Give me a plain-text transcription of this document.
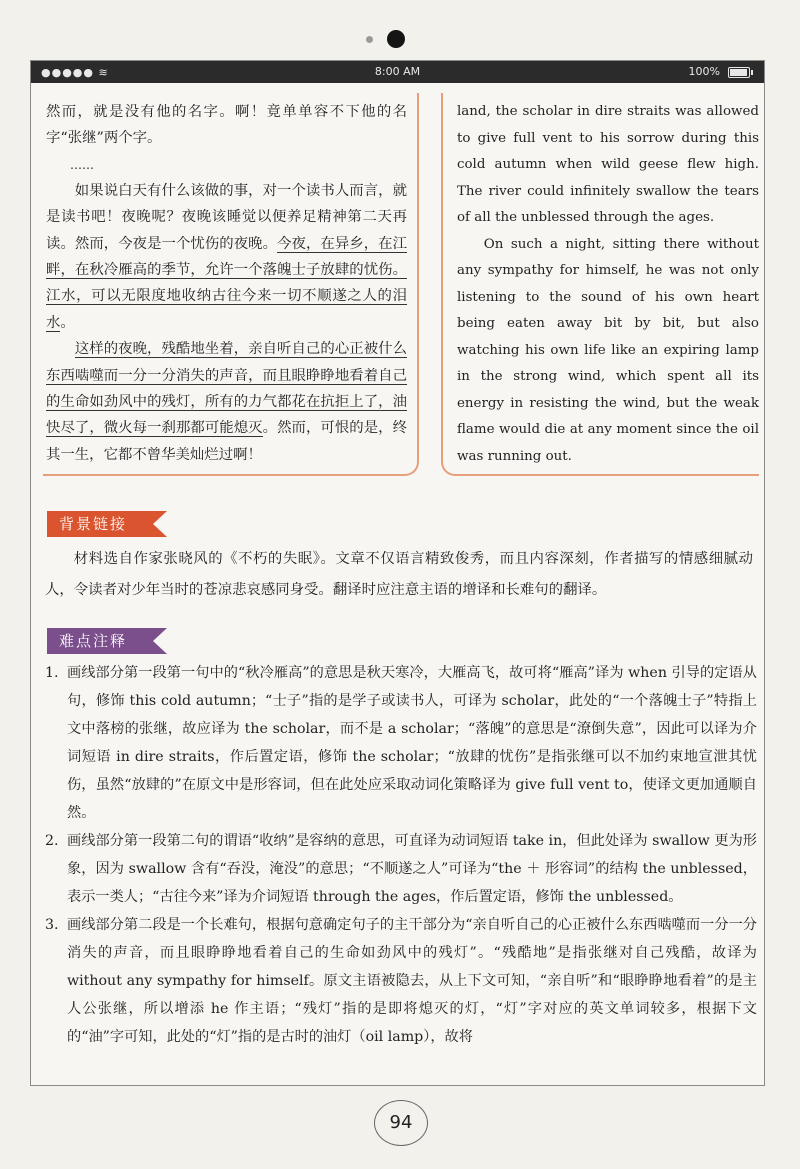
●●●●● ≋	8:00 AM	100%

然而，就是没有他的名字。啊！竟单单容不下他的名字“张继”两个字。

……

如果说白天有什么该做的事，对一个读书人而言，就是读书吧！夜晚呢？夜晚该睡觉以便养足精神第二天再读。然而，今夜是一个忧伤的夜晚。今夜，在异乡，在江畔，在秋冷雁高的季节，允许一个落魄士子放肆的忧伤。江水，可以无限度地收纳古往今来一切不顺遂之人的泪水。

这样的夜晚，残酷地坐着，亲自听自己的心正被什么东西啮噬而一分一分消失的声音，而且眼睁睁地看着自己的生命如劲风中的残灯，所有的力气都花在抗拒上了，油快尽了，微火每一刹那都可能熄灭。然而，可恨的是，终其一生，它都不曾华美灿烂过啊！

land, the scholar in dire straits was allowed to give full vent to his sorrow during this cold autumn when wild geese flew high. The river could infinitely swallow the tears of all the unblessed through the ages.

On such a night, sitting there without any sympathy for himself, he was not only listening to the sound of his own heart being eaten away bit by bit, but also watching his own life like an expiring lamp in the strong wind, which spent all its energy in resisting the wind, but the weak flame would die at any moment since the oil was running out.

背景链接

材料选自作家张晓风的《不朽的失眠》。文章不仅语言精致俊秀，而且内容深刻，作者描写的情感细腻动人，令读者对少年当时的苍凉悲哀感同身受。翻译时应注意主语的增译和长难句的翻译。

难点注释
1. 画线部分第一段第一句中的“秋冷雁高”的意思是秋天寒冷，大雁高飞，故可将“雁高”译为 when 引导的定语从句，修饰 this cold autumn；“士子”指的是学子或读书人，可译为 scholar，此处的“一个落魄士子”特指上文中落榜的张继，故应译为 the scholar，而不是 a scholar；“落魄”的意思是“潦倒失意”，因此可以译为介词短语 in dire straits，作后置定语，修饰 the scholar；“放肆的忧伤”是指张继可以不加约束地宣泄其忧伤，虽然“放肆的”在原文中是形容词，但在此处应采取动词化策略译为 give full vent to，使译文更加通顺自然。
2. 画线部分第一段第二句的谓语“收纳”是容纳的意思，可直译为动词短语 take in，但此处译为 swallow 更为形象，因为 swallow 含有“吞没，淹没”的意思；“不顺遂之人”可译为“the ＋ 形容词”的结构 the unblessed，表示一类人；“古往今来”译为介词短语 through the ages，作后置定语，修饰 the unblessed。
3. 画线部分第二段是一个长难句，根据句意确定句子的主干部分为“亲自听自己的心正被什么东西啮噬而一分一分消失的声音，而且眼睁睁地看着自己的生命如劲风中的残灯”。“残酷地”是指张继对自己残酷，故译为 without any sympathy for himself。原文主语被隐去，从上下文可知，“亲自听”和“眼睁睁地看着”的是主人公张继，所以增添 he 作主语；“残灯”指的是即将熄灭的灯，“灯”字对应的英文单词较多，根据下文的“油”字可知，此处的“灯”指的是古时的油灯（oil lamp），故将
94
